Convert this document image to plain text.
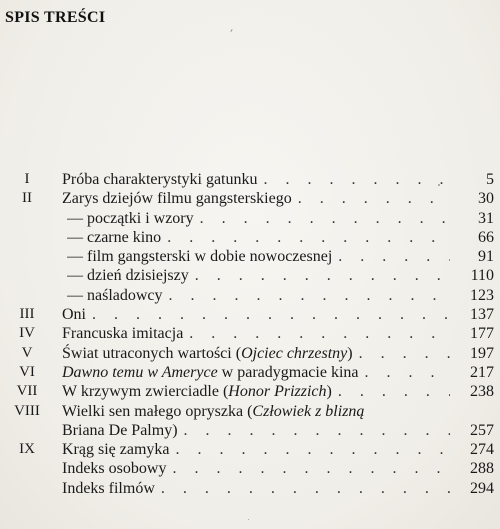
SPIS TREŚCI
I	Próba charakterystyki gatunku . . .	5
II	Zarys dziejów filmu gangsterskiego . . .	30
— początki i wzory . . .	31
— czarne kino . . .	66
— film gangsterski w dobie nowoczesnej . . .	91
— dzień dzisiejszy . . .	110
— naśladowcy . . .	123
III	Oni . . .	137
IV	Francuska imitacja . . .	177
V	Świat utraconych wartości (Ojciec chrzestny) . . .	197
VI	Dawno temu w Ameryce w paradygmacie kina . . .	217
VII	W krzywym zwierciadle (Honor Prizzich) . . .	238
VIII	Wielki sen małego opryszka (Człowiek z blizną
Briana De Palmy) . . .	257
IX	Krąg się zamyka . . .	274
Indeks osobowy . . .	288
Indeks filmów . . .	294
